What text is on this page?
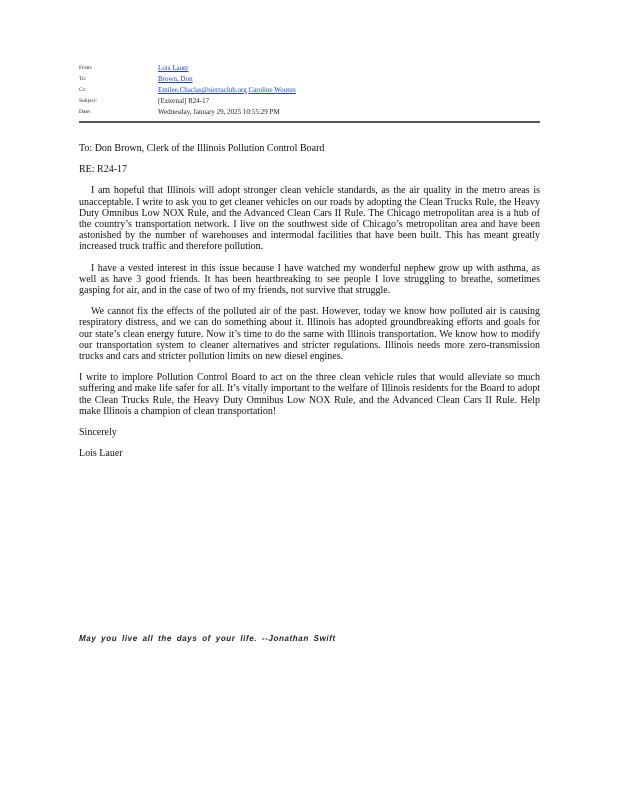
From:	Lois Lauer
To:	Brown, Don
Cc:	Emilee.Chaclas@sierraclub.org Caroline Wooten
Subject:	[External] R24-17
Date:	Wednesday, January 29, 2025 10:55:29 PM

To: Don Brown, Clerk of the Illinois Pollution Control Board

RE: R24-17

I am hopeful that Illinois will adopt stronger clean vehicle standards, as the air quality in the metro areas is unacceptable. I write to ask you to get cleaner vehicles on our roads by adopting the Clean Trucks Rule, the Heavy Duty Omnibus Low NOX Rule, and the Advanced Clean Cars II Rule. The Chicago metropolitan area is a hub of the country’s transportation network. I live on the southwest side of Chicago’s metropolitan area and have been astonished by the number of warehouses and intermodal facilities that have been built. This has meant greatly increased truck traffic and therefore pollution.

I have a vested interest in this issue because I have watched my wonderful nephew grow up with asthma, as well as have 3 good friends. It has been heartbreaking to see people I love struggling to breathe, sometimes gasping for air, and in the case of two of my friends, not survive that struggle.

We cannot fix the effects of the polluted air of the past. However, today we know how polluted air is causing respiratory distress, and we can do something about it. Illinois has adopted groundbreaking efforts and goals for our state’s clean energy future. Now it’s time to do the same with Illinois transportation. We know how to modify our transportation system to cleaner alternatives and stricter regulations. Illinois needs more zero-transmission trucks and cars and stricter pollution limits on new diesel engines.

I write to implore Pollution Control Board to act on the three clean vehicle rules that would alleviate so much suffering and make life safer for all. It’s vitally important to the welfare of Illinois residents for the Board to adopt the Clean Trucks Rule, the Heavy Duty Omnibus Low NOX Rule, and the Advanced Clean Cars II Rule. Help make Illinois a champion of clean transportation!

Sincerely

Lois Lauer

May you live all the days of your life. --Jonathan Swift
